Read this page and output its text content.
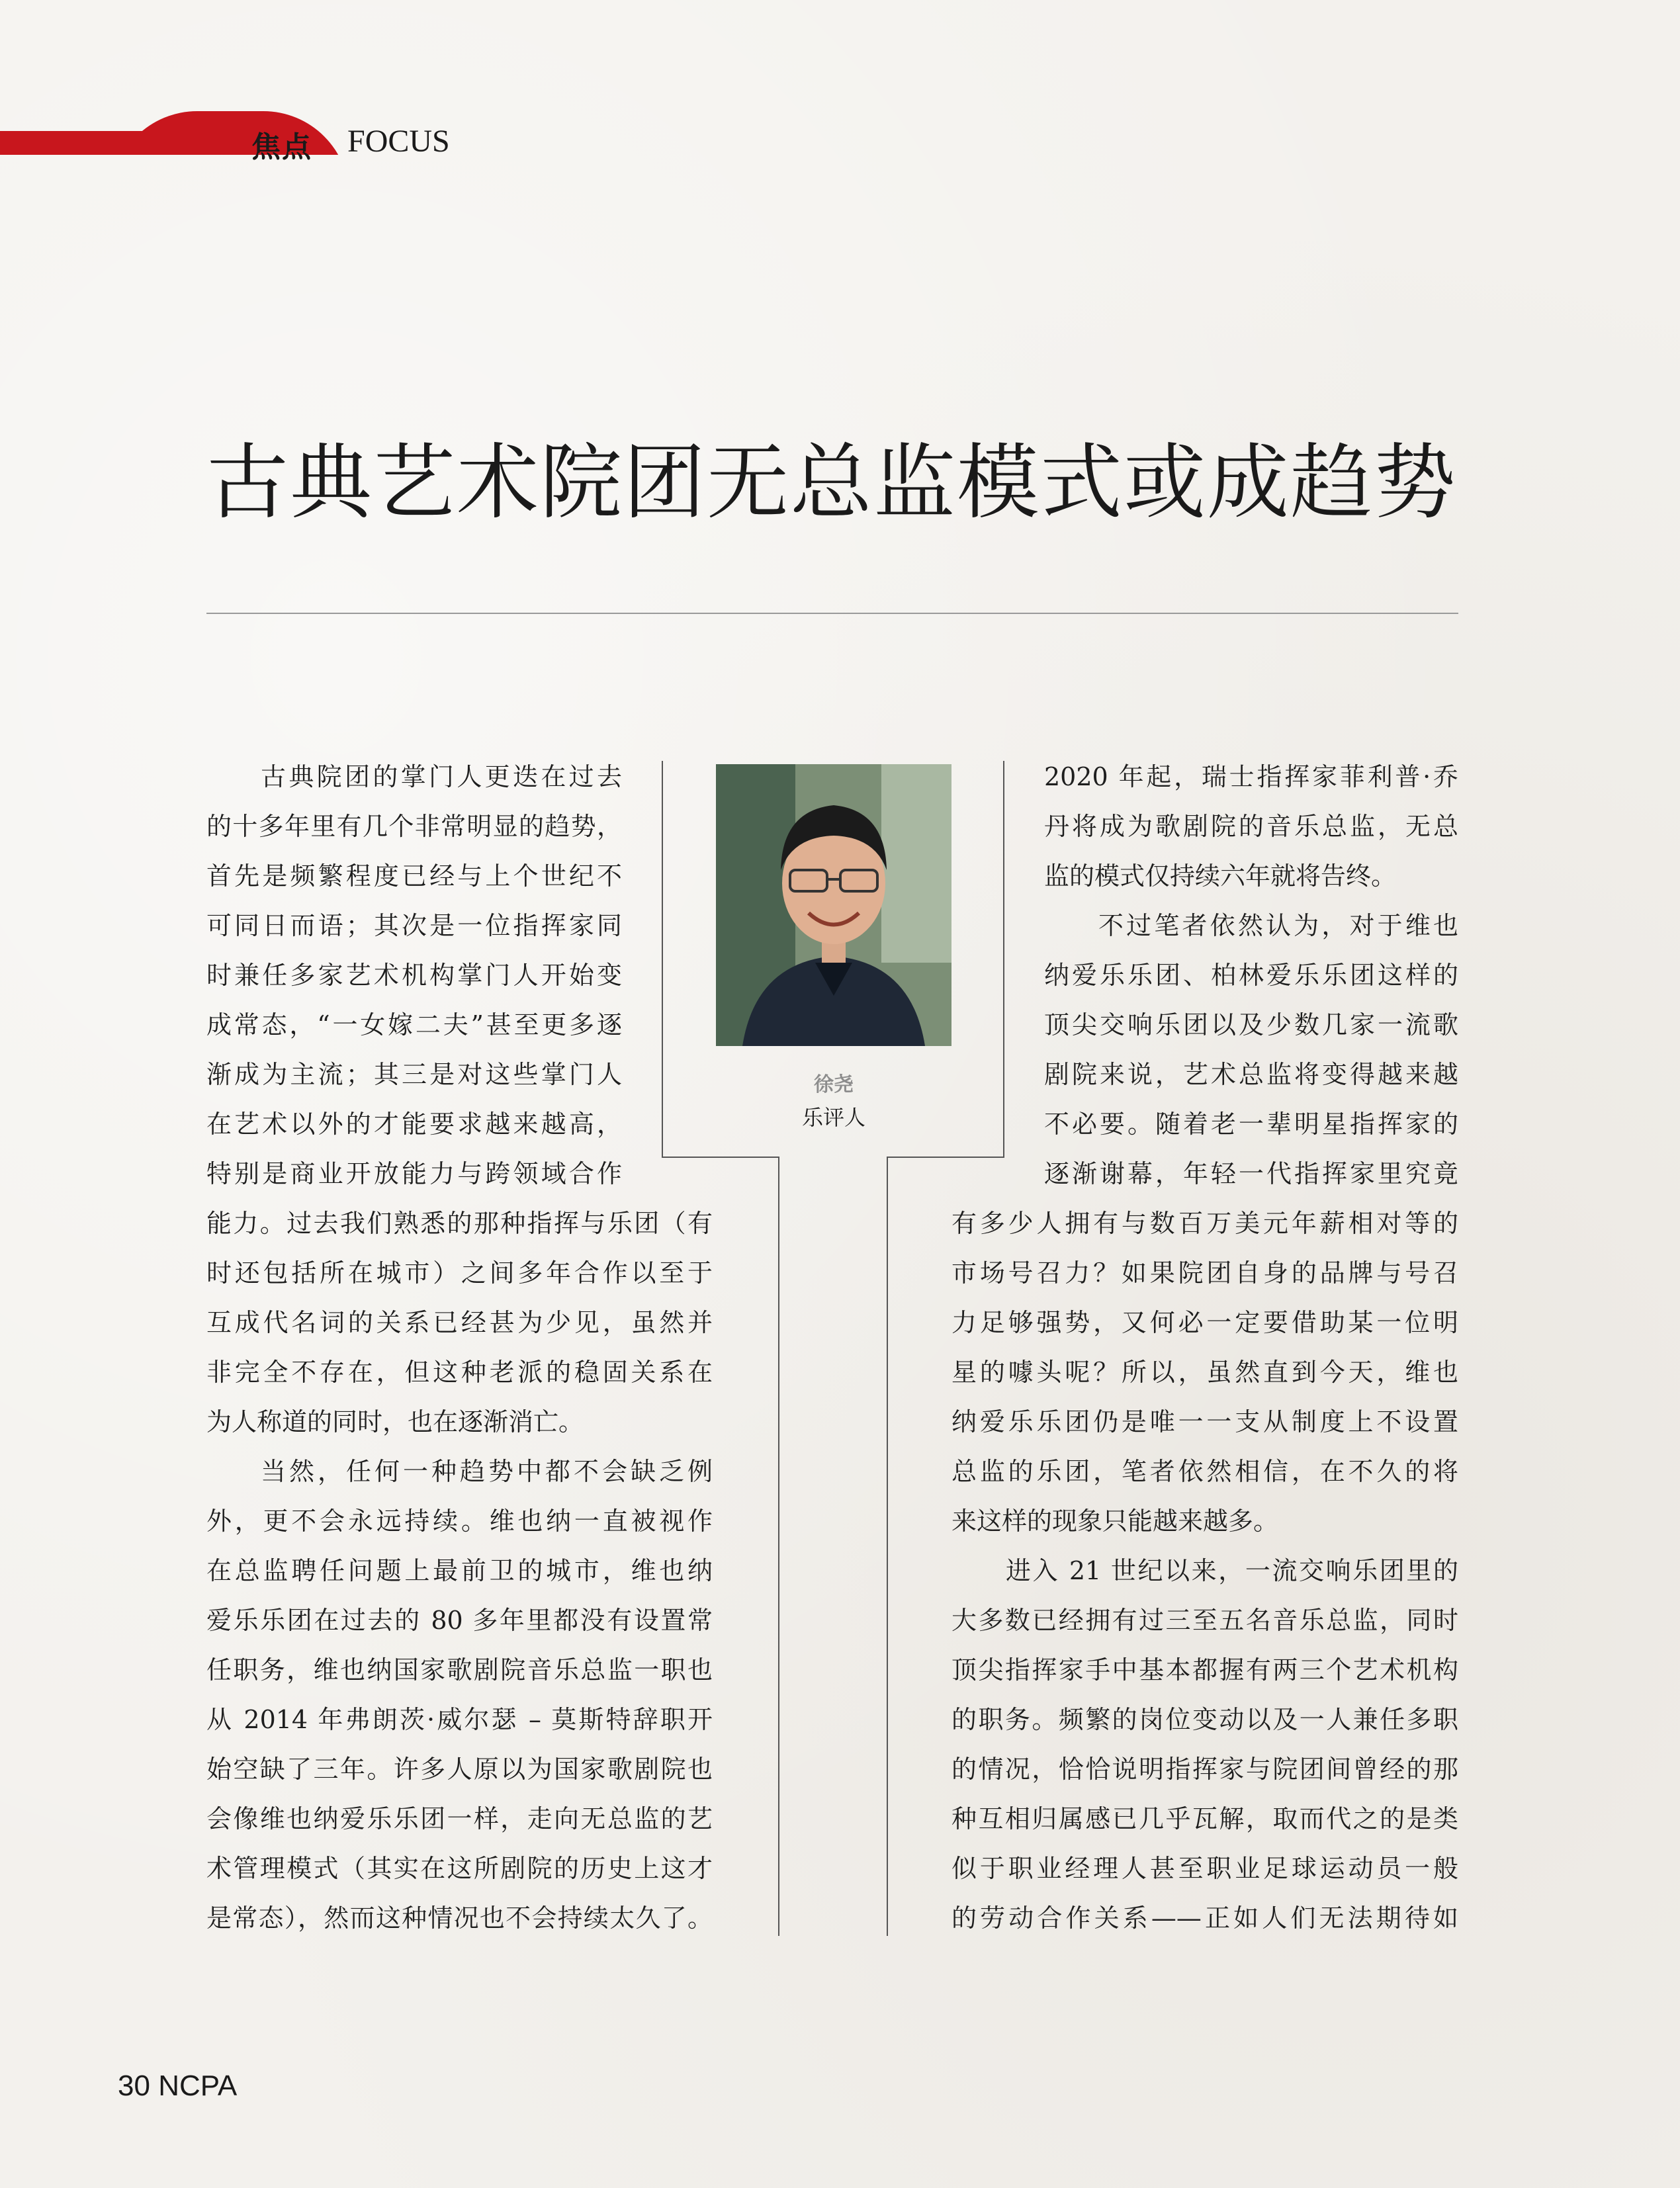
焦点 FOCUS
古典艺术院团无总监模式或成趋势
徐尧
乐评人
古典院团的掌门人更迭在过去
的十多年里有几个非常明显的趋势，
首先是频繁程度已经与上个世纪不
可同日而语；其次是一位指挥家同
时兼任多家艺术机构掌门人开始变
成常态，“一女嫁二夫”甚至更多逐
渐成为主流；其三是对这些掌门人
在艺术以外的才能要求越来越高，
特别是商业开放能力与跨领域合作
能力。过去我们熟悉的那种指挥与乐团（有
时还包括所在城市）之间多年合作以至于
互成代名词的关系已经甚为少见，虽然并
非完全不存在，但这种老派的稳固关系在
为人称道的同时，也在逐渐消亡。
当然，任何一种趋势中都不会缺乏例
外，更不会永远持续。维也纳一直被视作
在总监聘任问题上最前卫的城市，维也纳
爱乐乐团在过去的 80 多年里都没有设置常
任职务，维也纳国家歌剧院音乐总监一职也
从 2014 年弗朗茨·威尔瑟 – 莫斯特辞职开
始空缺了三年。许多人原以为国家歌剧院也
会像维也纳爱乐乐团一样，走向无总监的艺
术管理模式（其实在这所剧院的历史上这才
是常态），然而这种情况也不会持续太久了。
2020 年起，瑞士指挥家菲利普·乔
丹将成为歌剧院的音乐总监，无总
监的模式仅持续六年就将告终。
不过笔者依然认为，对于维也
纳爱乐乐团、柏林爱乐乐团这样的
顶尖交响乐团以及少数几家一流歌
剧院来说，艺术总监将变得越来越
不必要。随着老一辈明星指挥家的
逐渐谢幕，年轻一代指挥家里究竟
有多少人拥有与数百万美元年薪相对等的
市场号召力？如果院团自身的品牌与号召
力足够强势，又何必一定要借助某一位明
星的噱头呢？所以，虽然直到今天，维也
纳爱乐乐团仍是唯一一支从制度上不设置
总监的乐团，笔者依然相信，在不久的将
来这样的现象只能越来越多。
进入 21 世纪以来，一流交响乐团里的
大多数已经拥有过三至五名音乐总监，同时
顶尖指挥家手中基本都握有两三个艺术机构
的职务。频繁的岗位变动以及一人兼任多职
的情况，恰恰说明指挥家与院团间曾经的那
种互相归属感已几乎瓦解，取而代之的是类
似于职业经理人甚至职业足球运动员一般
的劳动合作关系——正如人们无法期待如
30 NCPA
